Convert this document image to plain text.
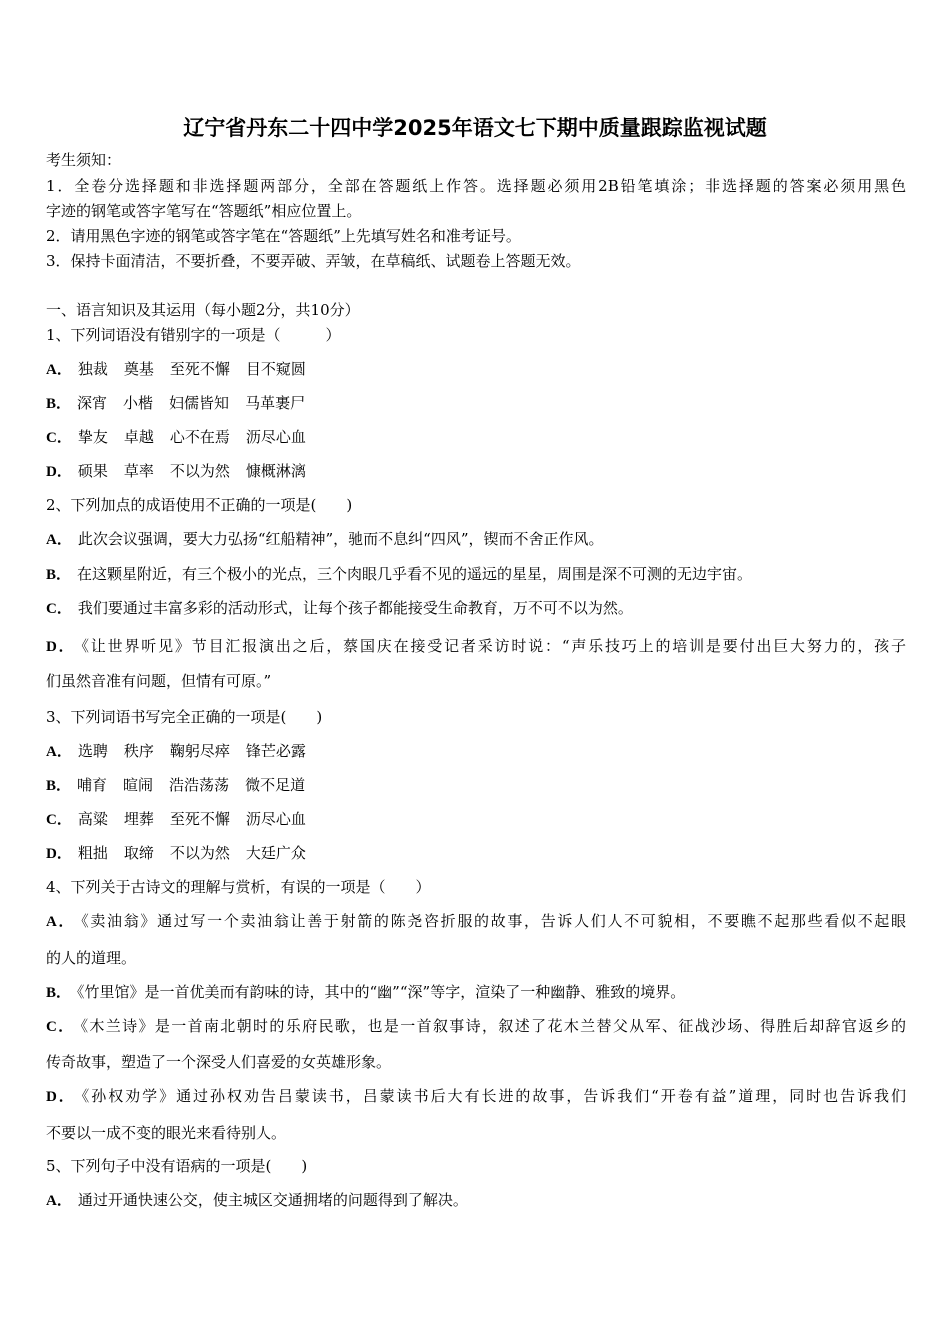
辽宁省丹东二十四中学2025年语文七下期中质量跟踪监视试题
考生须知：
1．全卷分选择题和非选择题两部分，全部在答题纸上作答。选择题必须用2B铅笔填涂；非选择题的答案必须用黑色
字迹的钢笔或答字笔写在“答题纸”相应位置上。
2．请用黑色字迹的钢笔或答字笔在“答题纸”上先填写姓名和准考证号。
3．保持卡面清洁，不要折叠，不要弄破、弄皱，在草稿纸、试题卷上答题无效。
一、语言知识及其运用（每小题2分，共10分）
1、下列词语没有错别字的一项是（　　　）
A． 独裁 奠基 至死不懈 目不窥圆
B． 深宵 小楷 妇儒皆知 马革裹尸
C． 挚友 卓越 心不在焉 沥尽心血
D． 硕果 草率 不以为然 慷概淋漓
2、下列加点的成语使用不正确的一项是(　　)
A． 此次会议强调，要大力弘扬“红船精神”，驰而不息纠“四风”，锲而不舍正作风。
B． 在这颗星附近，有三个极小的光点，三个肉眼几乎看不见的遥远的星星，周围是深不可测的无边宇宙。
C． 我们要通过丰富多彩的活动形式，让每个孩子都能接受生命教育，万不可不以为然。
D． 《让世界听见》节目汇报演出之后，蔡国庆在接受记者采访时说：“声乐技巧上的培训是要付出巨大努力的，孩子
们虽然音准有问题，但情有可原。”
3、下列词语书写完全正确的一项是(　　)
A． 选聘 秩序 鞠躬尽瘁 锋芒必露
B． 哺育 暄闹 浩浩荡荡 微不足道
C． 高粱 埋葬 至死不懈 沥尽心血
D． 粗拙 取缔 不以为然 大廷广众
4、下列关于古诗文的理解与赏析，有误的一项是（　　）
A． 《卖油翁》通过写一个卖油翁让善于射箭的陈尧咨折服的故事，告诉人们人不可貌相，不要瞧不起那些看似不起眼
的人的道理。
B． 《竹里馆》是一首优美而有韵味的诗，其中的“幽”“深”等字，渲染了一种幽静、雅致的境界。
C． 《木兰诗》是一首南北朝时的乐府民歌，也是一首叙事诗，叙述了花木兰替父从军、征战沙场、得胜后却辞官返乡的
传奇故事，塑造了一个深受人们喜爱的女英雄形象。
D． 《孙权劝学》通过孙权劝告吕蒙读书，吕蒙读书后大有长进的故事，告诉我们“开卷有益”道理，同时也告诉我们
不要以一成不变的眼光来看待别人。
5、下列句子中没有语病的一项是(　　)
A． 通过开通快速公交，使主城区交通拥堵的问题得到了解决。
